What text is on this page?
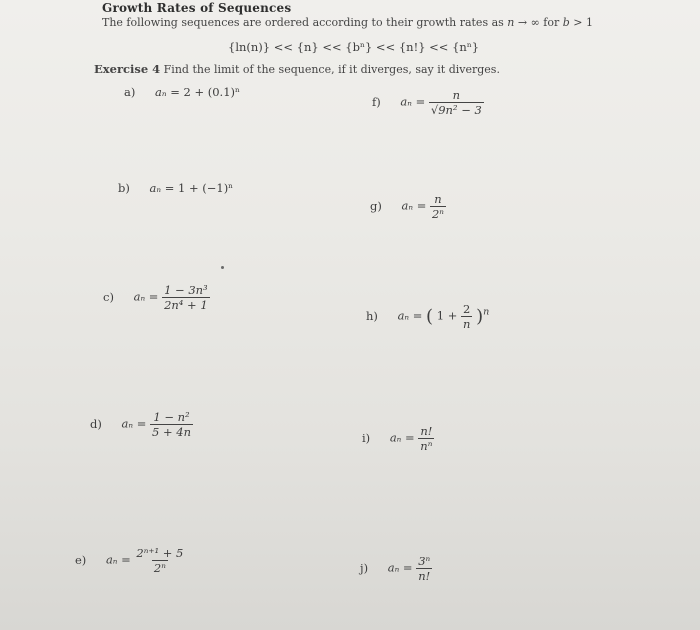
Growth Rates of Sequences
The following sequences are ordered according to their growth rates as n → ∞ for b > 1
{ln(n)} << {n} << {bⁿ} << {n!} << {nⁿ}
Exercise 4 Find the limit of the sequence, if it diverges, say it diverges.
a) aₙ = 2 + (0.1)ⁿ
f) $a_n = \frac{n}{\text{√9n² − 3}}$
b) aₙ = 1 + (−1)ⁿ
g) $a_n = \frac{n}{\text{2ⁿ}}$
c) $a_n = \frac{\text{1 − 3n³}}{\text{2n⁴ + 1}}$
h) aₙ = ( $1 + \frac{2}{n} )^n$
d) $a_n = \frac{\text{1 − n²}}{5 + 4n}$	i) $a_n = \frac{n!}{\text{nⁿ}}$
e) $a_n = \frac{\text{2ⁿ⁺¹ + 5}}{\text{2ⁿ}}$	j) $a_n = \frac{\text{3ⁿ}}{n!}$
